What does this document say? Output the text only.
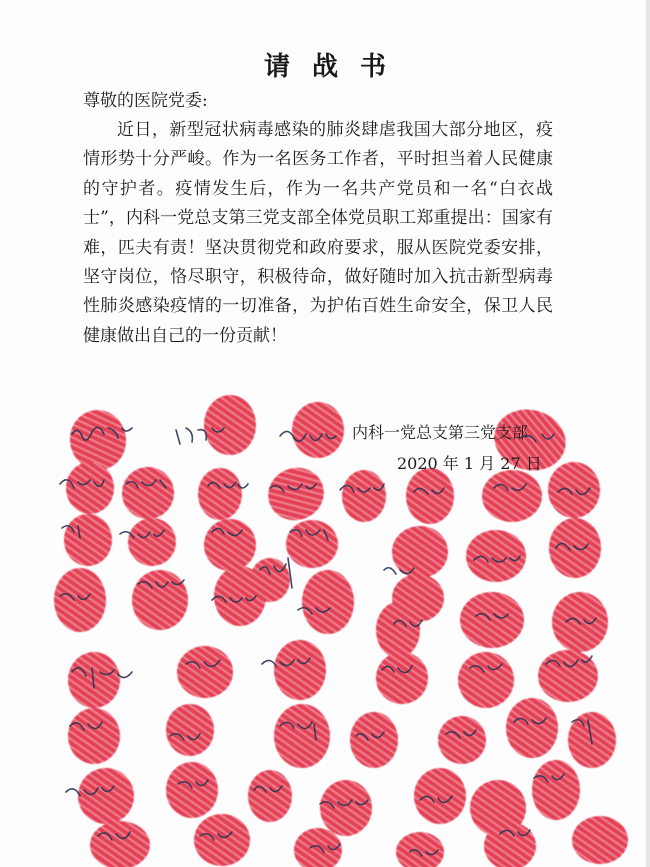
请战书
尊敬的医院党委:

近日，新型冠状病毒感染的肺炎肆虐我国大部分地区，疫情形势十分严峻。作为一名医务工作者，平时担当着人民健康的守护者。疫情发生后，作为一名共产党员和一名“白衣战士”，内科一党总支第三党支部全体党员职工郑重提出：国家有难，匹夫有责！坚决贯彻党和政府要求，服从医院党委安排，坚守岗位，恪尽职守，积极待命，做好随时加入抗击新型病毒性肺炎感染疫情的一切准备，为护佑百姓生命安全，保卫人民健康做出自己的一份贡献！

内科一党总支第三党支部
2020 年 1 月 27 日
